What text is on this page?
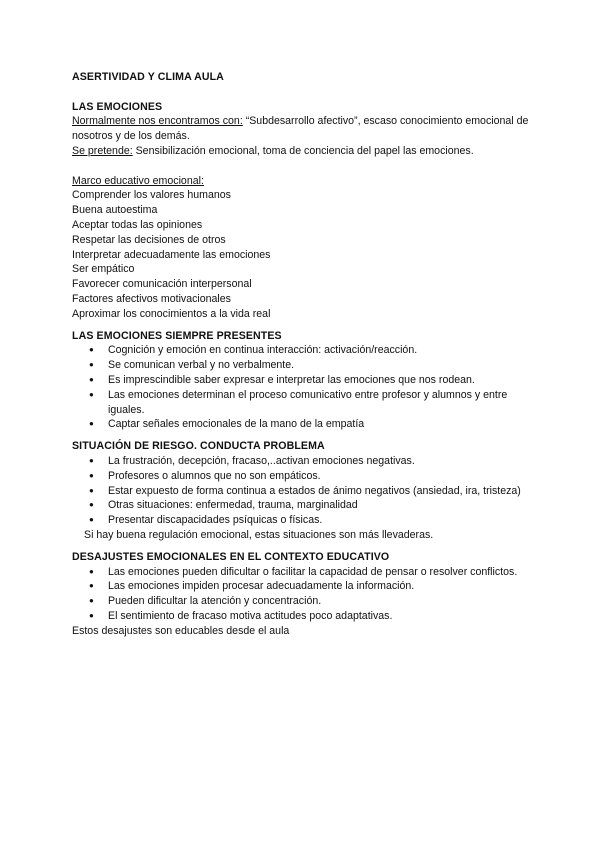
ASERTIVIDAD Y CLIMA AULA

LAS EMOCIONES

Normalmente nos encontramos con: “Subdesarrollo afectivo”, escaso conocimiento emocional de nosotros y de los demás.

Se pretende: Sensibilización emocional, toma de conciencia del papel las emociones.

Marco educativo emocional:

Comprender los valores humanos

Buena autoestima

Aceptar todas las opiniones

Respetar las decisiones de otros

Interpretar adecuadamente las emociones

Ser empático

Favorecer comunicación interpersonal

Factores afectivos motivacionales

Aproximar los conocimientos a la vida real

LAS EMOCIONES SIEMPRE PRESENTES

● Cognición y emoción en continua interacción: activación/reacción.
● Se comunican verbal y no verbalmente.
● Es imprescindible saber expresar e interpretar las emociones que nos rodean.
● Las emociones determinan el proceso comunicativo entre profesor y alumnos y entre iguales.
● Captar señales emocionales de la mano de la empatía

SITUACIÓN DE RIESGO. CONDUCTA PROBLEMA

● La frustración, decepción, fracaso,..activan emociones negativas.
● Profesores o alumnos que no son empáticos.
● Estar expuesto de forma continua a estados de ánimo negativos (ansiedad, ira, tristeza)
● Otras situaciones: enfermedad, trauma, marginalidad
● Presentar discapacidades psíquicas o físicas.

Si hay buena regulación emocional, estas situaciones son más llevaderas.

DESAJUSTES EMOCIONALES EN EL CONTEXTO EDUCATIVO

● Las emociones pueden dificultar o facilitar la capacidad de pensar o resolver conflictos.
● Las emociones impiden procesar adecuadamente la información.
● Pueden dificultar la atención y concentración.
● El sentimiento de fracaso motiva actitudes poco adaptativas.

Estos desajustes son educables desde el aula
